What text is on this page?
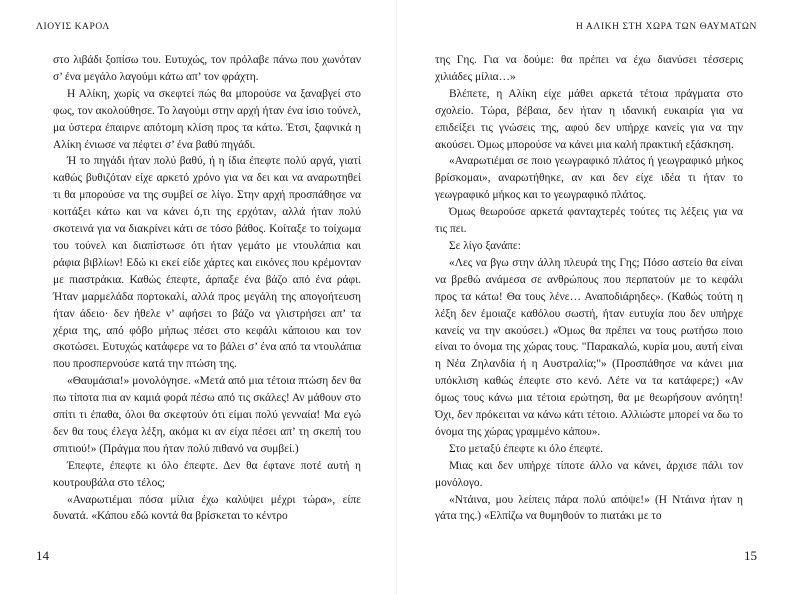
ΛΙΟΥΙΣ ΚΑΡΟΛ

στο λιβάδι ξοπίσω του. Ευτυχώς, τον πρόλαβε πάνω που χωνόταν σ’ ένα μεγάλο λαγούμι κάτω απ’ τον φράχτη.

Η Αλίκη, χωρίς να σκεφτεί πώς θα μπορούσε να ξαναβγεί στο φως, τον ακολούθησε. Το λαγούμι στην αρχή ήταν ένα ίσιο τούνελ, μα ύστερα έπαιρνε απότομη κλίση προς τα κάτω. Έτσι, ξαφνικά η Αλίκη ένιωσε να πέφτει σ’ ένα βαθύ πηγάδι.

Ή το πηγάδι ήταν πολύ βαθύ, ή η ίδια έπεφτε πολύ αργά, γιατί καθώς βυθιζόταν είχε αρκετό χρόνο για να δει και να αναρωτηθεί τι θα μπορούσε να της συμβεί σε λίγο. Στην αρχή προσπάθησε να κοιτάξει κάτω και να κάνει ό,τι της ερχόταν, αλλά ήταν πολύ σκοτεινά για να διακρίνει κάτι σε τόσο βάθος. Κοίταξε το τοίχωμα του τούνελ και διαπίστωσε ότι ήταν γεμάτο με ντουλάπια και ράφια βιβλίων! Εδώ κι εκεί είδε χάρτες και εικόνες που κρέμονταν με πιαστράκια. Καθώς έπεφτε, άρπαξε ένα βάζο από ένα ράφι. Ήταν μαρμελάδα πορτοκαλί, αλλά προς μεγάλη της απογοήτευση ήταν άδειο· δεν ήθελε ν’ αφήσει το βάζο να γλιστρήσει απ’ τα χέρια της, από φόβο μήπως πέσει στο κεφάλι κάποιου και τον σκοτώσει. Ευτυχώς κατάφερε να το βάλει σ’ ένα από τα ντουλάπια που προσπερνούσε κατά την πτώση της.

«Θαυμάσια!» μονολόγησε. «Μετά από μια τέτοια πτώση δεν θα πω τίποτα πια αν καμιά φορά πέσω από τις σκάλες! Αν μάθουν στο σπίτι τι έπαθα, όλοι θα σκεφτούν ότι είμαι πολύ γενναία! Μα εγώ δεν θα τους έλεγα λέξη, ακόμα κι αν είχα πέσει απ’ τη σκεπή του σπιτιού!» (Πράγμα που ήταν πολύ πιθανό να συμβεί.)

Έπεφτε, έπεφτε κι όλο έπεφτε. Δεν θα έφτανε ποτέ αυτή η κουτρουβάλα στο τέλος;

«Αναρωτιέμαι πόσα μίλια έχω καλύψει μέχρι τώρα», είπε δυνατά. «Κάπου εδώ κοντά θα βρίσκεται το κέντρο

14
Η ΑΛΙΚΗ ΣΤΗ ΧΩΡΑ ΤΩΝ ΘΑΥΜΑΤΩΝ

της Γης. Για να δούμε: θα πρέπει να έχω διανύσει τέσσερις χιλιάδες μίλια…»

Βλέπετε, η Αλίκη είχε μάθει αρκετά τέτοια πράγματα στο σχολείο. Τώρα, βέβαια, δεν ήταν η ιδανική ευκαιρία για να επιδείξει τις γνώσεις της, αφού δεν υπήρχε κανείς για να την ακούσει. Όμως μπορούσε να κάνει μια καλή πρακτική εξάσκηση.

«Αναρωτιέμαι σε ποιο γεωγραφικό πλάτος ή γεωγραφικό μήκος βρίσκομαι», αναρωτήθηκε, αν και δεν είχε ιδέα τι ήταν το γεωγραφικό μήκος και το γεωγραφικό πλάτος.

Όμως θεωρούσε αρκετά φανταχτερές τούτες τις λέξεις για να τις πει.

Σε λίγο ξανάπε:

«Λες να βγω στην άλλη πλευρά της Γης; Πόσο αστείο θα είναι να βρεθώ ανάμεσα σε ανθρώπους που περπατούν με το κεφάλι προς τα κάτω! Θα τους λένε… Αναποδιάρηδες». (Καθώς τούτη η λέξη δεν έμοιαζε καθόλου σωστή, ήταν ευτυχία που δεν υπήρχε κανείς να την ακούσει.) «Όμως θα πρέπει να τους ρωτήσω ποιο είναι το όνομα της χώρας τους. "Παρακαλώ, κυρία μου, αυτή είναι η Νέα Ζηλανδία ή η Αυστραλία;"» (Προσπάθησε να κάνει μια υπόκλιση καθώς έπεφτε στο κενό. Λέτε να τα κατάφερε;) «Αν όμως τους κάνω μια τέτοια ερώτηση, θα με θεωρήσουν ανόητη! Όχι, δεν πρόκειται να κάνω κάτι τέτοιο. Αλλιώστε μπορεί να δω το όνομα της χώρας γραμμένο κάπου».

Στο μεταξύ έπεφτε κι όλο έπεφτε.

Μιας και δεν υπήρχε τίποτε άλλο να κάνει, άρχισε πάλι τον μονόλογο.

«Ντάινα, μου λείπεις πάρα πολύ απόψε!» (Η Ντάινα ήταν η γάτα της.) «Ελπίζω να θυμηθούν το πιατάκι με το

15
